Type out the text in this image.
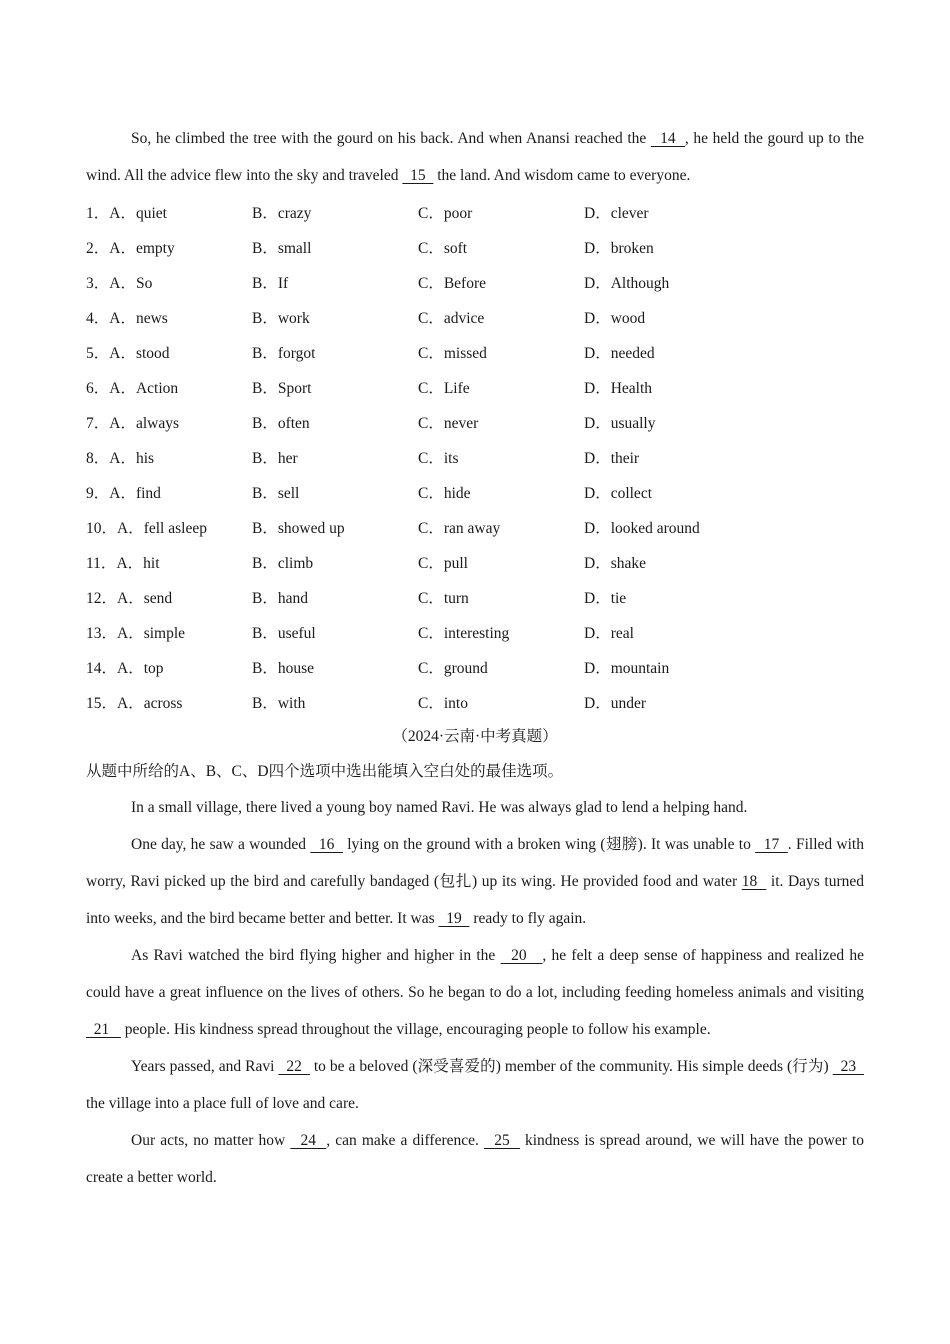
So, he climbed the tree with the gourd on his back. And when Anansi reached the   14  , he held the gourd up to the wind. All the advice flew into the sky and traveled   15   the land. And wisdom came to everyone.

1． A．quiet	B．crazy	C．poor	D．clever
2． A．empty	B．small	C．soft	D．broken
3． A．So	B．If	C．Before	D．Although
4． A．news	B．work	C．advice	D．wood
5． A．stood	B．forgot	C．missed	D．needed
6． A．Action	B．Sport	C．Life	D．Health
7． A．always	B．often	C．never	D．usually
8． A．his	B．her	C．its	D．their
9． A．find	B．sell	C．hide	D．collect
10． A．fell asleep	B．showed up	C．ran away	D．looked around
11． A．hit	B．climb	C．pull	D．shake
12． A．send	B．hand	C．turn	D．tie
13． A．simple	B．useful	C．interesting	D．real
14． A．top	B．house	C．ground	D．mountain
15． A．across	B．with	C．into	D．under

（2024·云南·中考真题）

从题中所给的A、B、C、D四个选项中选出能填入空白处的最佳选项。

In a small village, there lived a young boy named Ravi. He was always glad to lend a helping hand.

One day, he saw a wounded   16   lying on the ground with a broken wing (翅膀). It was unable to   17  . Filled with worry, Ravi picked up the bird and carefully bandaged (包扎) up its wing. He provided food and water 18   it. Days turned into weeks, and the bird became better and better. It was   19   ready to fly again.

As Ravi watched the bird flying higher and higher in the   20   , he felt a deep sense of happiness and realized he could have a great influence on the lives of others. So he began to do a lot, including feeding homeless animals and visiting   21    people. His kindness spread throughout the village, encouraging people to follow his example.

Years passed, and Ravi   22   to be a beloved (深受喜爱的) member of the community. His simple deeds (行为)   23   the village into a place full of love and care.

Our acts, no matter how   24  , can make a difference.   25   kindness is spread around, we will have the power to create a better world.
